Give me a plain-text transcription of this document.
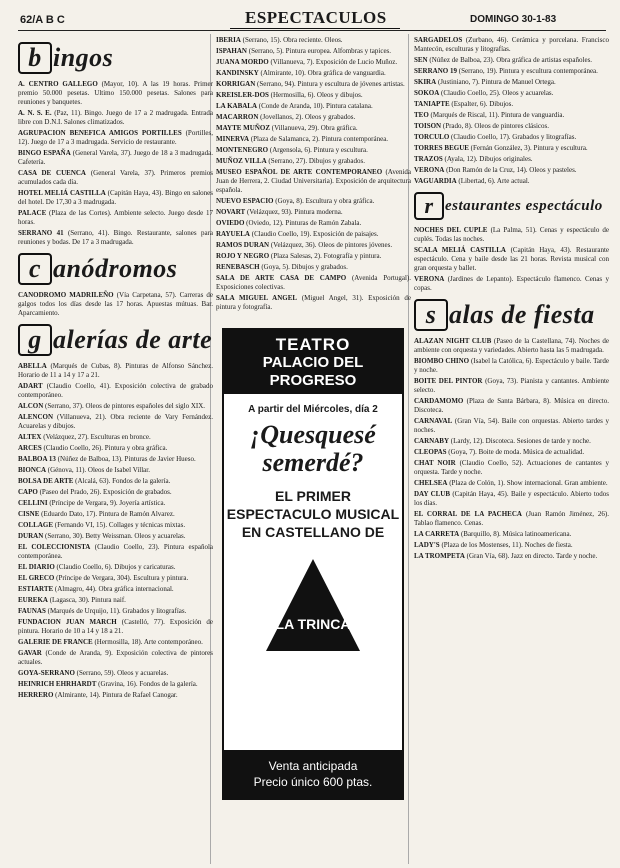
62/A B C	ESPECTACULOS	DOMINGO 30-1-83
b ingos

A. CENTRO GALLEGO (Mayor, 10). A las 19 horas. Primer premio 50.000 pesetas. Ultimo 150.000 pesetas. Salones para reuniones y banquetes.

A. N. S. E. (Paz, 11). Bingo. Juego de 17 a 2 madrugada. Entrada libre con D.N.I. Salones climatizados.

AGRUPACION BENEFICA AMIGOS PORTILLES (Portilles, 12). Juego de 17 a 3 madrugada. Servicio de restaurante.

BINGO ESPAÑA (General Varela, 37). Juego de 18 a 3 madrugada. Cafetería.

CASA DE CUENCA (General Varela, 37). Primeros premios acumulados cada día.

HOTEL MELIÁ CASTILLA (Capitán Haya, 43). Bingo en salones del hotel. De 17,30 a 3 madrugada.

PALACE (Plaza de las Cortes). Ambiente selecto. Juego desde 17 horas.

SERRANO 41 (Serrano, 41). Bingo. Restaurante, salones para reuniones y bodas. De 17 a 3 madrugada.

c anódromos

CANODROMO MADRILEÑO (Vía Carpetana, 57). Carreras de galgos todos los días desde las 17 horas. Apuestas mútuas. Bar. Aparcamiento.

g alerías de arte

ABELLA (Marqués de Cubas, 8). Pinturas de Alfonso Sánchez. Horario de 11 a 14 y 17 a 21.

ADART (Claudio Coello, 41). Exposición colectiva de grabado contemporáneo.

ALCON (Serrano, 37). Oleos de pintores españoles del siglo XIX.

ALENCON (Villanueva, 21). Obra reciente de Vary Fernández. Acuarelas y dibujos.

ALTEX (Velázquez, 27). Esculturas en bronce.

ARCES (Claudio Coello, 26). Pintura y obra gráfica.

BALBOA 13 (Núñez de Balboa, 13). Pinturas de Javier Hueso.

BIONCA (Génova, 11). Oleos de Isabel Villar.

BOLSA DE ARTE (Alcalá, 63). Fondos de la galería.

CAPO (Paseo del Prado, 26). Exposición de grabados.

CELLINI (Príncipe de Vergara, 9). Joyería artística.

CISNE (Eduardo Dato, 17). Pintura de Ramón Alvarez.

COLLAGE (Fernando VI, 15). Collages y técnicas mixtas.

DURAN (Serrano, 30). Betty Weissman. Oleos y acuarelas.

EL COLECCIONISTA (Claudio Coello, 23). Pintura española contemporánea.

EL DIARIO (Claudio Coello, 6). Dibujos y caricaturas.

EL GRECO (Príncipe de Vergara, 304). Escultura y pintura.

ESTIARTE (Almagro, 44). Obra gráfica internacional.

EUREKA (Lagasca, 30). Pintura naif.

FAUNAS (Marqués de Urquijo, 11). Grabados y litografías.

FUNDACION JUAN MARCH (Castelló, 77). Exposición de pintura. Horario de 10 a 14 y 18 a 21.

GALERIE DE FRANCE (Hermosilla, 18). Arte contemporáneo.

GAVAR (Conde de Aranda, 9). Exposición colectiva de pintores actuales.

GOYA-SERRANO (Serrano, 59). Oleos y acuarelas.

HEINRICH EHRHARDT (Gravina, 16). Fondos de la galería.

HERRERO (Almirante, 14). Pintura de Rafael Canogar.

IBERIA (Serrano, 15). Obra reciente. Oleos.

ISPAHAN (Serrano, 5). Pintura europea. Alfombras y tapices.

JUANA MORDO (Villanueva, 7). Exposición de Lucio Muñoz.

KANDINSKY (Almirante, 10). Obra gráfica de vanguardia.

KORRIGAN (Serrano, 94). Pintura y escultura de jóvenes artistas.

KREISLER-DOS (Hermosilla, 6). Oleos y dibujos.

LA KABALA (Conde de Aranda, 10). Pintura catalana.

MACARRON (Jovellanos, 2). Oleos y grabados.

MAYTE MUÑOZ (Villanueva, 29). Obra gráfica.

MINERVA (Plaza de Salamanca, 2). Pintura contemporánea.

MONTENEGRO (Argensola, 6). Pintura y escultura.

MUÑOZ VILLA (Serrano, 27). Dibujos y grabados.

MUSEO ESPAÑOL DE ARTE CONTEMPORANEO (Avenida Juan de Herrera, 2. Ciudad Universitaria). Exposición de arquitectura española.

NUEVO ESPACIO (Goya, 8). Escultura y obra gráfica.

NOVART (Velázquez, 93). Pintura moderna.

OVIEDO (Oviedo, 12). Pinturas de Ramón Zabala.

RAYUELA (Claudio Coello, 19). Exposición de paisajes.

RAMOS DURAN (Velázquez, 36). Oleos de pintores jóvenes.

ROJO Y NEGRO (Plaza Salesas, 2). Fotografía y pintura.

RENEBASCH (Goya, 5). Dibujos y grabados.

SALA DE ARTE CASA DE CAMPO (Avenida Portugal). Exposiciones colectivas.

SALA MIGUEL ANGEL (Miguel Angel, 31). Exposición de pintura y fotografía.

TEATRO
PALACIO DEL PROGRESO
A partir del Miércoles, día 2
¡Quesquesé
semerdé?
EL PRIMER
ESPECTACULO MUSICAL
EN CASTELLANO DE
LA TRINCA
Venta anticipada
Precio único 600 ptas.

SARGADELOS (Zurbano, 46). Cerámica y porcelana. Francisco Mantecón, esculturas y litografías.

SEN (Núñez de Balboa, 23). Obra gráfica de artistas españoles.

SERRANO 19 (Serrano, 19). Pintura y escultura contemporánea.

SKIRA (Justiniano, 7). Pintura de Manuel Ortega.

SOKOA (Claudio Coello, 25). Oleos y acuarelas.

TANIAPTE (Espalter, 6). Dibujos.

TEO (Marqués de Riscal, 11). Pintura de vanguardia.

TOISON (Prado, 8). Oleos de pintores clásicos.

TORCULO (Claudio Coello, 17). Grabados y litografías.

TORRES BEGUE (Fernán González, 3). Pintura y escultura.

TRAZOS (Ayala, 12). Dibujos originales.

VERONA (Don Ramón de la Cruz, 14). Oleos y pasteles.

VAGUARDIA (Libertad, 6). Arte actual.

r estaurantes espectáculo

NOCHES DEL CUPLE (La Palma, 51). Cenas y espectáculo de cuplés. Todas las noches.

SCALA MELIÁ CASTILLA (Capitán Haya, 43). Restaurante espectáculo. Cena y baile desde las 21 horas. Revista musical con gran orquesta y ballet.

VERONA (Jardines de Lepanto). Espectáculo flamenco. Cenas y copas.

s alas de fiesta

ALAZAN NIGHT CLUB (Paseo de la Castellana, 74). Noches de ambiente con orquesta y variedades. Abierto hasta las 5 madrugada.

BIOMBO CHINO (Isabel la Católica, 6). Espectáculo y baile. Tarde y noche.

BOITE DEL PINTOR (Goya, 73). Pianista y cantantes. Ambiente selecto.

CARDAMOMO (Plaza de Santa Bárbara, 8). Música en directo. Discoteca.

CARNAVAL (Gran Vía, 54). Baile con orquestas. Abierto tardes y noches.

CARNABY (Lardy, 12). Discoteca. Sesiones de tarde y noche.

CLEOPAS (Goya, 7). Boite de moda. Música de actualidad.

CHAT NOIR (Claudio Coello, 52). Actuaciones de cantantes y orquesta. Tarde y noche.

CHELSEA (Plaza de Colón, 1). Show internacional. Gran ambiente.

DAY CLUB (Capitán Haya, 45). Baile y espectáculo. Abierto todos los días.

EL CORRAL DE LA PACHECA (Juan Ramón Jiménez, 26). Tablao flamenco. Cenas.

LA CARRETA (Barquillo, 8). Música latinoamericana.

LADY'S (Plaza de los Mostenses, 11). Noches de fiesta.

LA TROMPETA (Gran Vía, 68). Jazz en directo. Tarde y noche.
